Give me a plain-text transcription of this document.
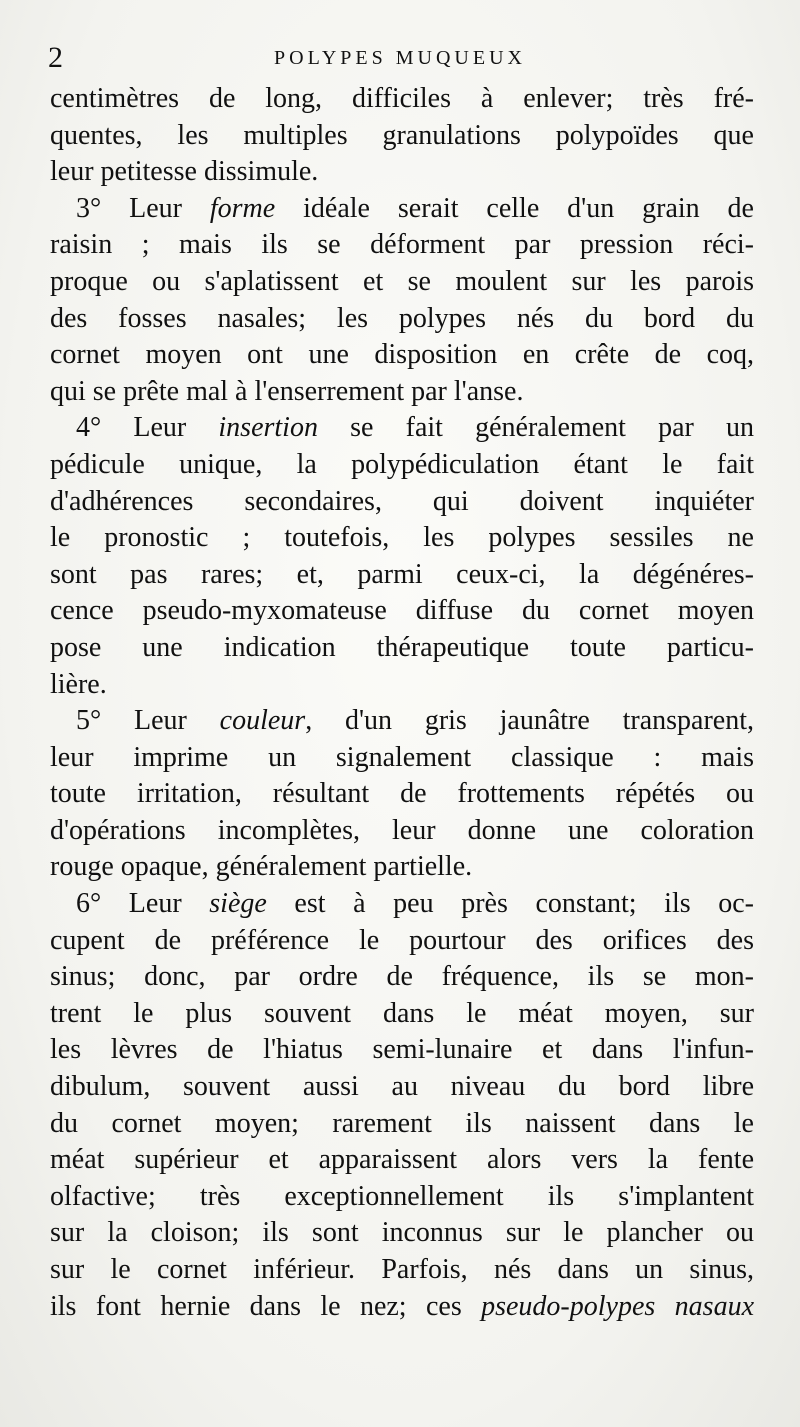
2	POLYPES MUQUEUX
centimètres de long, difficiles à enlever; très fré-
quentes, les multiples granulations polypoïdes que
leur petitesse dissimule.
3° Leur forme idéale serait celle d'un grain de
raisin ; mais ils se déforment par pression réci-
proque ou s'aplatissent et se moulent sur les parois
des fosses nasales; les polypes nés du bord du
cornet moyen ont une disposition en crête de coq,
qui se prête mal à l'enserrement par l'anse.
4° Leur insertion se fait généralement par un
pédicule unique, la polypédiculation étant le fait
d'adhérences secondaires, qui doivent inquiéter
le pronostic ; toutefois, les polypes sessiles ne
sont pas rares; et, parmi ceux-ci, la dégénéres-
cence pseudo-myxomateuse diffuse du cornet moyen
pose une indication thérapeutique toute particu-
lière.
5° Leur couleur, d'un gris jaunâtre transparent,
leur imprime un signalement classique : mais
toute irritation, résultant de frottements répétés ou
d'opérations incomplètes, leur donne une coloration
rouge opaque, généralement partielle.
6° Leur siège est à peu près constant; ils oc-
cupent de préférence le pourtour des orifices des
sinus; donc, par ordre de fréquence, ils se mon-
trent le plus souvent dans le méat moyen, sur
les lèvres de l'hiatus semi-lunaire et dans l'infun-
dibulum, souvent aussi au niveau du bord libre
du cornet moyen; rarement ils naissent dans le
méat supérieur et apparaissent alors vers la fente
olfactive; très exceptionnellement ils s'implantent
sur la cloison; ils sont inconnus sur le plancher ou
sur le cornet inférieur. Parfois, nés dans un sinus,
ils font hernie dans le nez; ces pseudo-polypes nasaux
